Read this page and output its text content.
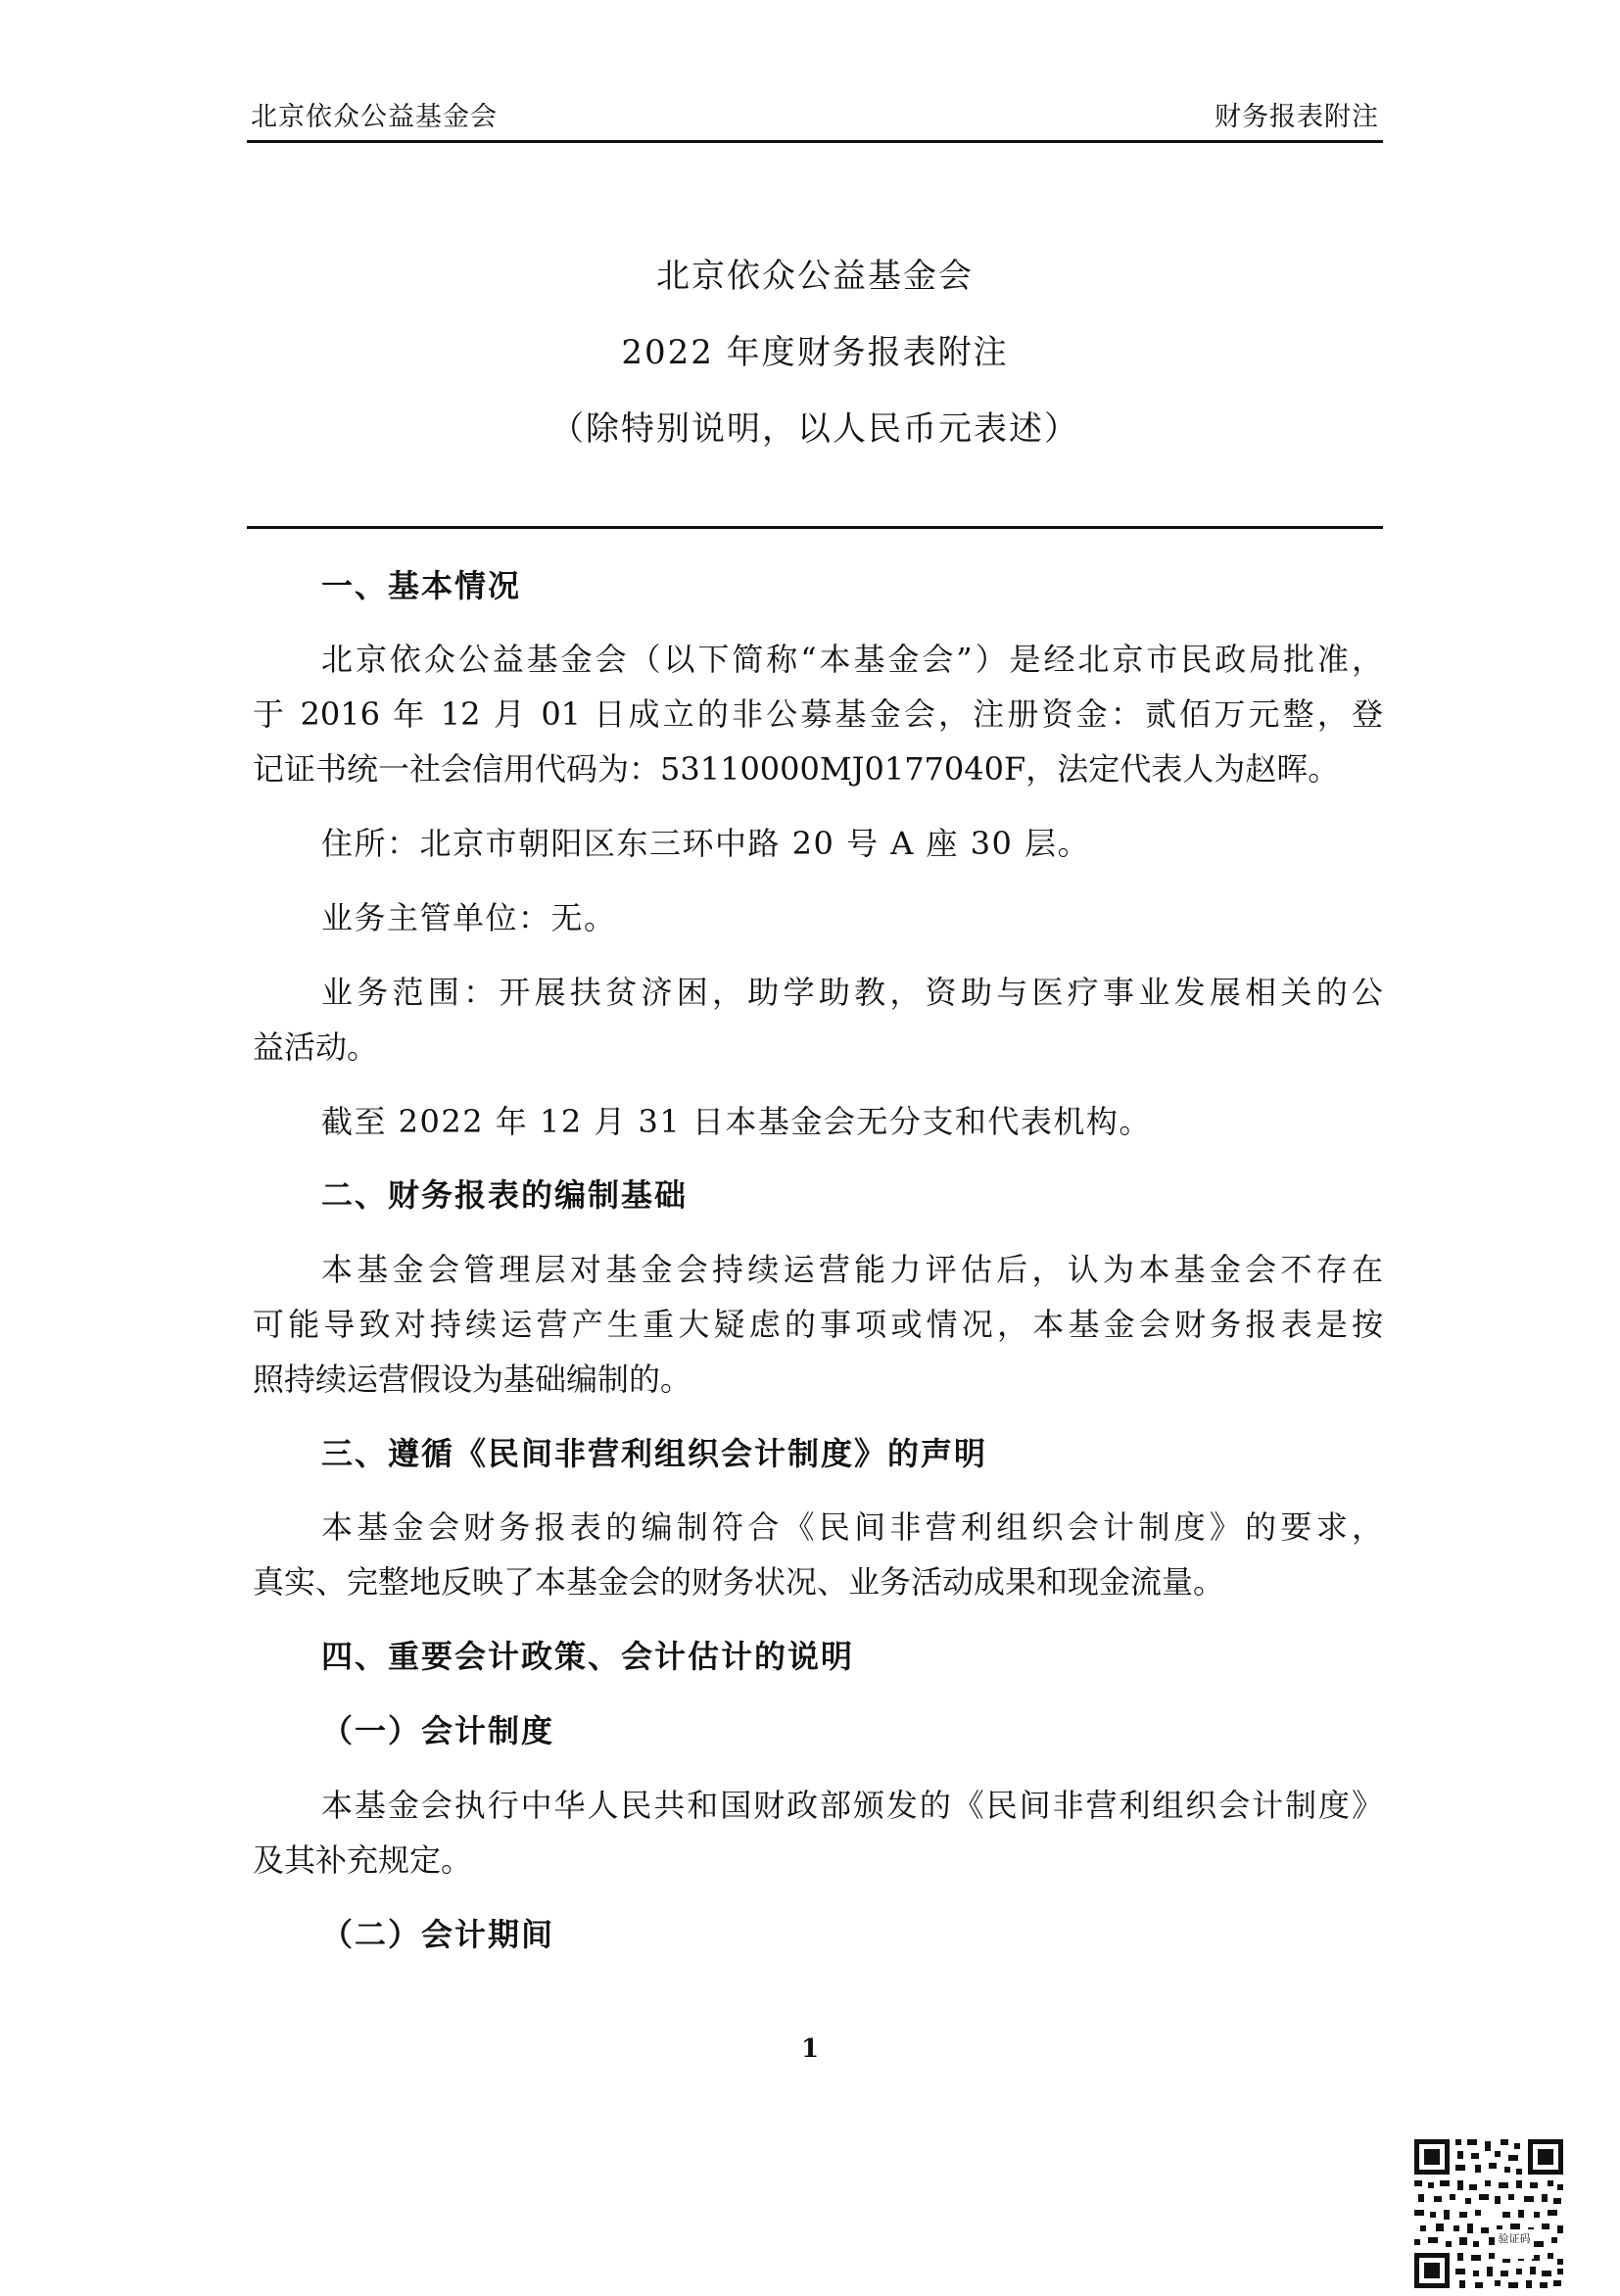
北京依众公益基金会	财务报表附注
北京依众公益基金会
2022 年度财务报表附注
（除特别说明，以人民币元表述）
一、基本情况
北京依众公益基金会（以下简称“本基金会”）是经北京市民政局批准，
于 2016 年 12 月 01 日成立的非公募基金会，注册资金：贰佰万元整，登
记证书统一社会信用代码为：53110000MJ0177040F，法定代表人为赵晖。
住所：北京市朝阳区东三环中路 20 号 A 座 30 层。
业务主管单位：无。
业务范围：开展扶贫济困，助学助教，资助与医疗事业发展相关的公
益活动。
截至 2022 年 12 月 31 日本基金会无分支和代表机构。
二、财务报表的编制基础
本基金会管理层对基金会持续运营能力评估后，认为本基金会不存在
可能导致对持续运营产生重大疑虑的事项或情况，本基金会财务报表是按
照持续运营假设为基础编制的。
三、遵循《民间非营利组织会计制度》的声明
本基金会财务报表的编制符合《民间非营利组织会计制度》的要求，
真实、完整地反映了本基金会的财务状况、业务活动成果和现金流量。
四、重要会计政策、会计估计的说明
（一）会计制度
本基金会执行中华人民共和国财政部颁发的《民间非营利组织会计制度》
及其补充规定。
（二）会计期间
1
验证码
